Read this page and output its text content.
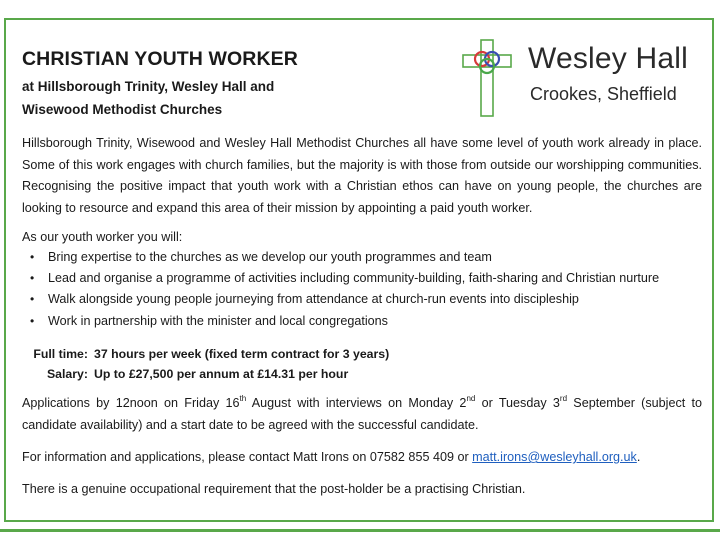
CHRISTIAN YOUTH WORKER
at Hillsborough Trinity, Wesley Hall and
Wisewood Methodist Churches
Wesley Hall
Crookes, Sheffield

Hillsborough Trinity, Wisewood and Wesley Hall Methodist Churches all have some level of youth work already in place. Some of this work engages with church families, but the majority is with those from outside our worshipping communities. Recognising the positive impact that youth work with a Christian ethos can have on young people, the churches are looking to resource and expand this area of their mission by appointing a paid youth worker.

As our youth worker you will:
• Bring expertise to the churches as we develop our youth programmes and team
• Lead and organise a programme of activities including community-building, faith-sharing and Christian nurture
• Walk alongside young people journeying from attendance at church-run events into discipleship
• Work in partnership with the minister and local congregations
Full time: 37 hours per week (fixed term contract for 3 years)
Salary: Up to £27,500 per annum at £14.31 per hour

Applications by 12noon on Friday 16th August with interviews on Monday 2nd or Tuesday 3rd September (subject to candidate availability) and a start date to be agreed with the successful candidate.

For information and applications, please contact Matt Irons on 07582 855 409 or matt.irons@wesleyhall.org.uk.

There is a genuine occupational requirement that the post-holder be a practising Christian.
